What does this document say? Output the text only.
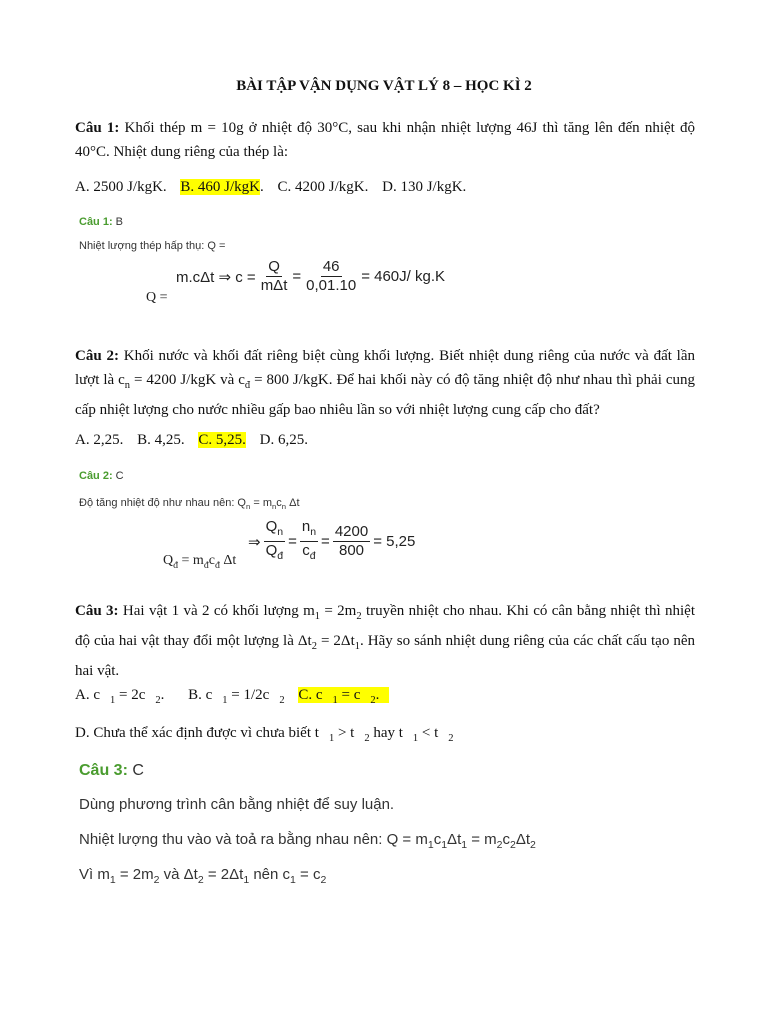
BÀI TẬP VẬN DỤNG VẬT LÝ 8 – HỌC KÌ 2
Câu 1: Khối thép m = 10g ở nhiệt độ 30°C, sau khi nhận nhiệt lượng 46J thì tăng lên đến nhiệt độ 40°C. Nhiệt dung riêng của thép là:
A. 2500 J/kgK. B. 460 J/kgK. C. 4200 J/kgK. D. 130 J/kgK.
Câu 1: B
Nhiệt lượng thép hấp thụ: Q =
Q =
m.cΔt ⇒ $c = \frac{Q}{\text{mΔt}} = \frac{46}{0,01.10} = 460J/$ kg.K
Câu 2: Khối nước và khối đất riêng biệt cùng khối lượng. Biết nhiệt dung riêng của nước và đất lần lượt là $c_n = 4200$ J/kgK và $c_đ = 800$ J/kgK. Để hai khối này có độ tăng nhiệt độ như nhau thì phải cung cấp nhiệt lượng cho nước nhiều gấp bao nhiêu lần so với nhiệt lượng cung cấp cho đất?
A. 2,25. B. 4,25. C. 5,25. D. 6,25.
Câu 2: C
Độ tăng nhiệt độ như nhau nên: $Q_n = m_nc_n$ Δt
$Q_đ = m_đc_đ$ Δt
⇒ $\frac{Q_n}{Q_đ} = \frac{n_n}{c_đ} = \frac{4200}{800} = 5,25$
Câu 3: Hai vật 1 và 2 có khối lượng $m_1 = 2m_2$ truyền nhiệt cho nhau. Khi có cân bằng nhiệt thì nhiệt độ của hai vật thay đổi một lượng là $\Delta t_2 = 2\Delta t_1$. Hãy so sánh nhiệt dung riêng của các chất cấu tạo nên hai vật.
A. c $_1$ = 2c $_2$. B. c $_1$ = 1/2c $_2$ C. c $_1$ = c $_2$.
D. Chưa thể xác định được vì chưa biết t $_1$ > t $_2$ hay t $_1$ < t $_2$
Câu 3: C
Dùng phương trình cân bằng nhiệt để suy luận.
Nhiệt lượng thu vào và toả ra bằng nhau nên: $Q = m_1c_1\Delta t_1 = m_2c_2\Delta t_2$
Vì $m_1 = 2m_2$ và $\Delta t_2 = 2\Delta t_1$ nên $c_1 = c_2$
